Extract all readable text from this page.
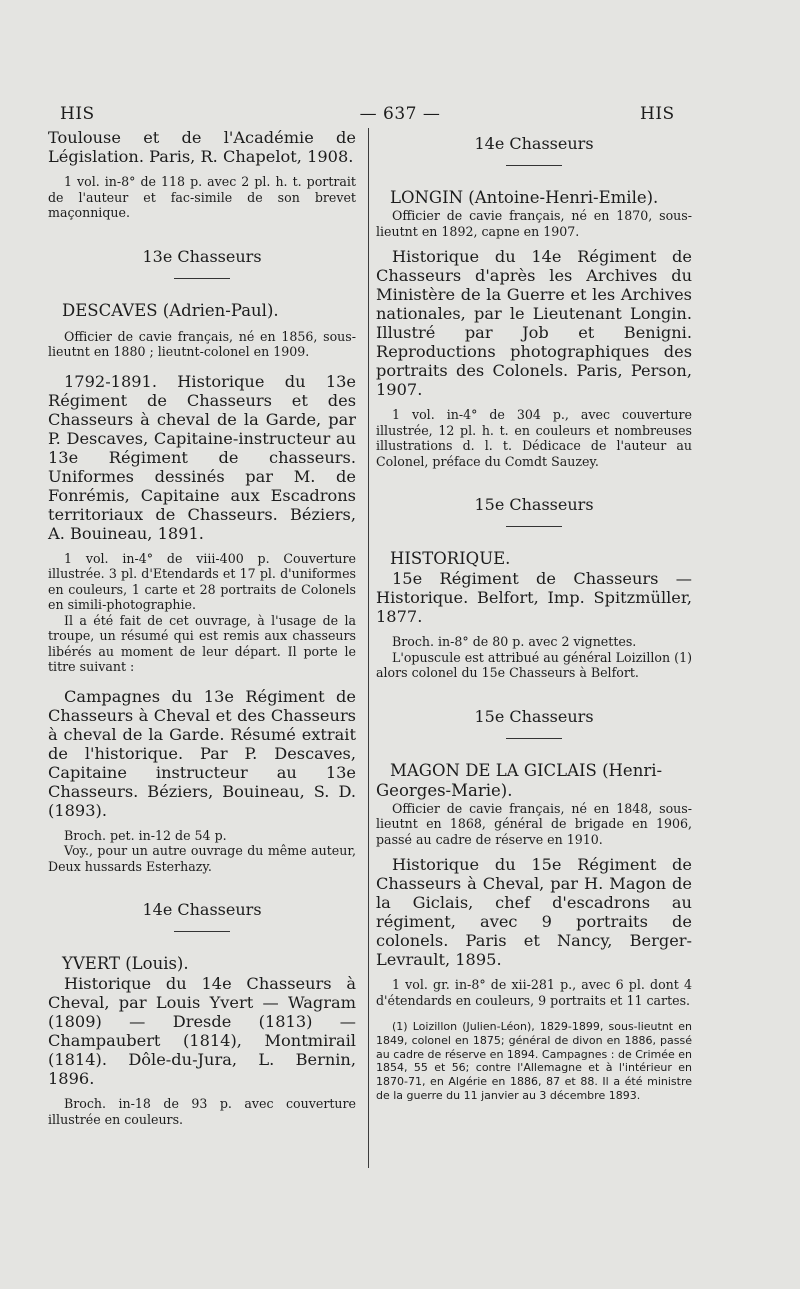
HIS	— 637 —	HIS

Toulouse et de l'Académie de Législation. Paris, R. Chapelot, 1908.

1 vol. in-8° de 118 p. avec 2 pl. h. t. portrait de l'auteur et fac-simile de son brevet maçonnique.

13e Chasseurs

DESCAVES (Adrien-Paul).

Officier de cavie français, né en 1856, sous-lieutnt en 1880 ; lieutnt-colonel en 1909.

1792-1891. Historique du 13e Régiment de Chasseurs et des Chasseurs à cheval de la Garde, par P. Descaves, Capitaine-instructeur au 13e Régiment de chasseurs. Uniformes dessinés par M. de Fonrémis, Capitaine aux Escadrons territoriaux de Chasseurs. Béziers, A. Bouineau, 1891.

1 vol. in-4° de viii-400 p. Couverture illustrée. 3 pl. d'Etendards et 17 pl. d'uniformes en couleurs, 1 carte et 28 portraits de Colonels en simili-photographie.

Il a été fait de cet ouvrage, à l'usage de la troupe, un résumé qui est remis aux chasseurs libérés au moment de leur départ. Il porte le titre suivant :

Campagnes du 13e Régiment de Chasseurs à Cheval et des Chasseurs à cheval de la Garde. Résumé extrait de l'historique. Par P. Descaves, Capitaine instructeur au 13e Chasseurs. Béziers, Bouineau, S. D. (1893).

Broch. pet. in-12 de 54 p.

Voy., pour un autre ouvrage du même auteur, Deux hussards Esterhazy.

14e Chasseurs

YVERT (Louis).

Historique du 14e Chasseurs à Cheval, par Louis Yvert — Wagram (1809) — Dresde (1813) — Champaubert (1814), Montmirail (1814). Dôle-du-Jura, L. Bernin, 1896.

Broch. in-18 de 93 p. avec couverture illustrée en couleurs.

14e Chasseurs

LONGIN (Antoine-Henri-Emile).

Officier de cavie français, né en 1870, sous-lieutnt en 1892, capne en 1907.

Historique du 14e Régiment de Chasseurs d'après les Archives du Ministère de la Guerre et les Archives nationales, par le Lieutenant Longin. Illustré par Job et Benigni. Reproductions photographiques des portraits des Colonels. Paris, Person, 1907.

1 vol. in-4° de 304 p., avec couverture illustrée, 12 pl. h. t. en couleurs et nombreuses illustrations d. l. t. Dédicace de l'auteur au Colonel, préface du Comdt Sauzey.

15e Chasseurs

HISTORIQUE.

15e Régiment de Chasseurs — Historique. Belfort, Imp. Spitzmüller, 1877.

Broch. in-8° de 80 p. avec 2 vignettes.

L'opuscule est attribué au général Loizillon (1) alors colonel du 15e Chasseurs à Belfort.

15e Chasseurs

MAGON DE LA GICLAIS (Henri-Georges-Marie).

Officier de cavie français, né en 1848, sous-lieutnt en 1868, général de brigade en 1906, passé au cadre de réserve en 1910.

Historique du 15e Régiment de Chasseurs à Cheval, par H. Magon de la Giclais, chef d'escadrons au régiment, avec 9 portraits de colonels. Paris et Nancy, Berger-Levrault, 1895.

1 vol. gr. in-8° de xii-281 p., avec 6 pl. dont 4 d'étendards en couleurs, 9 portraits et 11 cartes.

(1) Loizillon (Julien-Léon), 1829-1899, sous-lieutnt en 1849, colonel en 1875; général de divon en 1886, passé au cadre de réserve en 1894. Campagnes : de Crimée en 1854, 55 et 56; contre l'Allemagne et à l'intérieur en 1870-71, en Algérie en 1886, 87 et 88. Il a été ministre de la guerre du 11 janvier au 3 décembre 1893.
